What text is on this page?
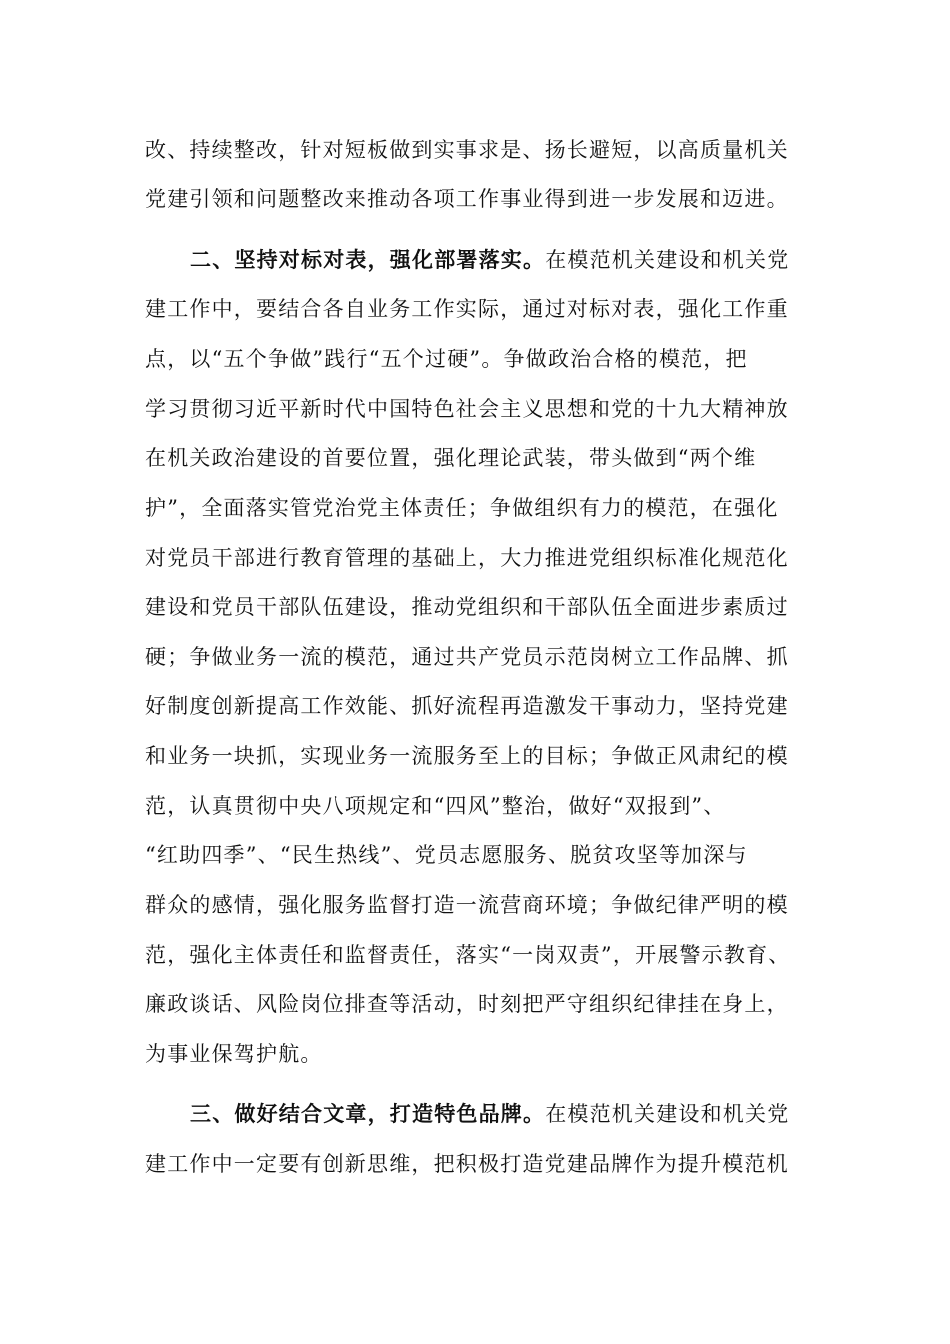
改、持续整改，针对短板做到实事求是、扬长避短，以高质量机关
党建引领和问题整改来推动各项工作事业得到进一步发展和迈进。
二、坚持对标对表，强化部署落实。在模范机关建设和机关党
建工作中，要结合各自业务工作实际，通过对标对表，强化工作重
点，以“五个争做”践行“五个过硬”。争做政治合格的模范，把
学习贯彻习近平新时代中国特色社会主义思想和党的十九大精神放
在机关政治建设的首要位置，强化理论武装，带头做到“两个维
护”，全面落实管党治党主体责任；争做组织有力的模范，在强化
对党员干部进行教育管理的基础上，大力推进党组织标准化规范化
建设和党员干部队伍建设，推动党组织和干部队伍全面进步素质过
硬；争做业务一流的模范，通过共产党员示范岗树立工作品牌、抓
好制度创新提高工作效能、抓好流程再造激发干事动力，坚持党建
和业务一块抓，实现业务一流服务至上的目标；争做正风肃纪的模
范，认真贯彻中央八项规定和“四风”整治，做好“双报到”、
“红助四季”、“民生热线”、党员志愿服务、脱贫攻坚等加深与
群众的感情，强化服务监督打造一流营商环境；争做纪律严明的模
范，强化主体责任和监督责任，落实“一岗双责”，开展警示教育、
廉政谈话、风险岗位排查等活动，时刻把严守组织纪律挂在身上，
为事业保驾护航。
三、做好结合文章，打造特色品牌。在模范机关建设和机关党
建工作中一定要有创新思维，把积极打造党建品牌作为提升模范机
